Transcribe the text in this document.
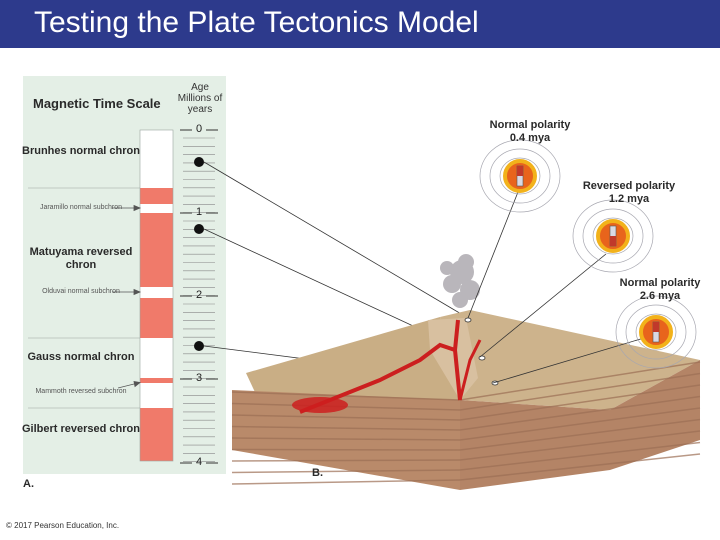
Testing the Plate Tectonics Model
Magnetic Time Scale
Age Millions of years
0
1
2
3
4
Brunhes normal chron
Jaramillo normal subchron
Matuyama reversed chron
Olduvai normal subchron
Gauss normal chron
Mammoth reversed subchron
Gilbert reversed chron
A.
B.
Normal polarity
0.4 mya
Reversed polarity
1.2 mya
Normal polarity
2.6 mya
© 2017 Pearson Education, Inc.
